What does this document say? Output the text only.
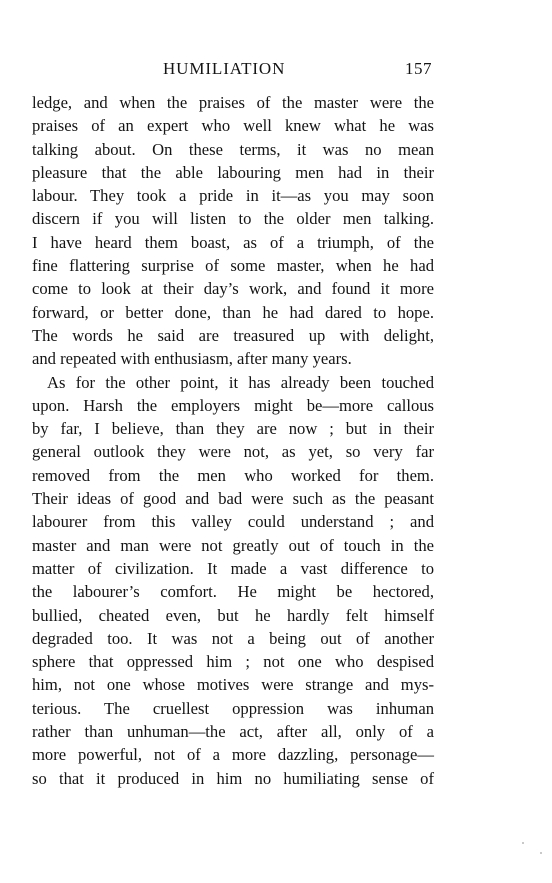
HUMILIATION	157
ledge, and when the praises of the master were the
praises of an expert who well knew what he was
talking about. On these terms, it was no mean
pleasure that the able labouring men had in their
labour. They took a pride in it—as you may soon
discern if you will listen to the older men talking.
I have heard them boast, as of a triumph, of the
fine flattering surprise of some master, when he had
come to look at their day’s work, and found it more
forward, or better done, than he had dared to hope.
The words he said are treasured up with delight,
and repeated with enthusiasm, after many years.
As for the other point, it has already been touched
upon. Harsh the employers might be—more callous
by far, I believe, than they are now ; but in their
general outlook they were not, as yet, so very far
removed from the men who worked for them.
Their ideas of good and bad were such as the peasant
labourer from this valley could understand ; and
master and man were not greatly out of touch in the
matter of civilization. It made a vast difference to
the labourer’s comfort. He might be hectored,
bullied, cheated even, but he hardly felt himself
degraded too. It was not a being out of another
sphere that oppressed him ; not one who despised
him, not one whose motives were strange and mys-
terious. The cruellest oppression was inhuman
rather than unhuman—the act, after all, only of a
more powerful, not of a more dazzling, personage—
so that it produced in him no humiliating sense of
